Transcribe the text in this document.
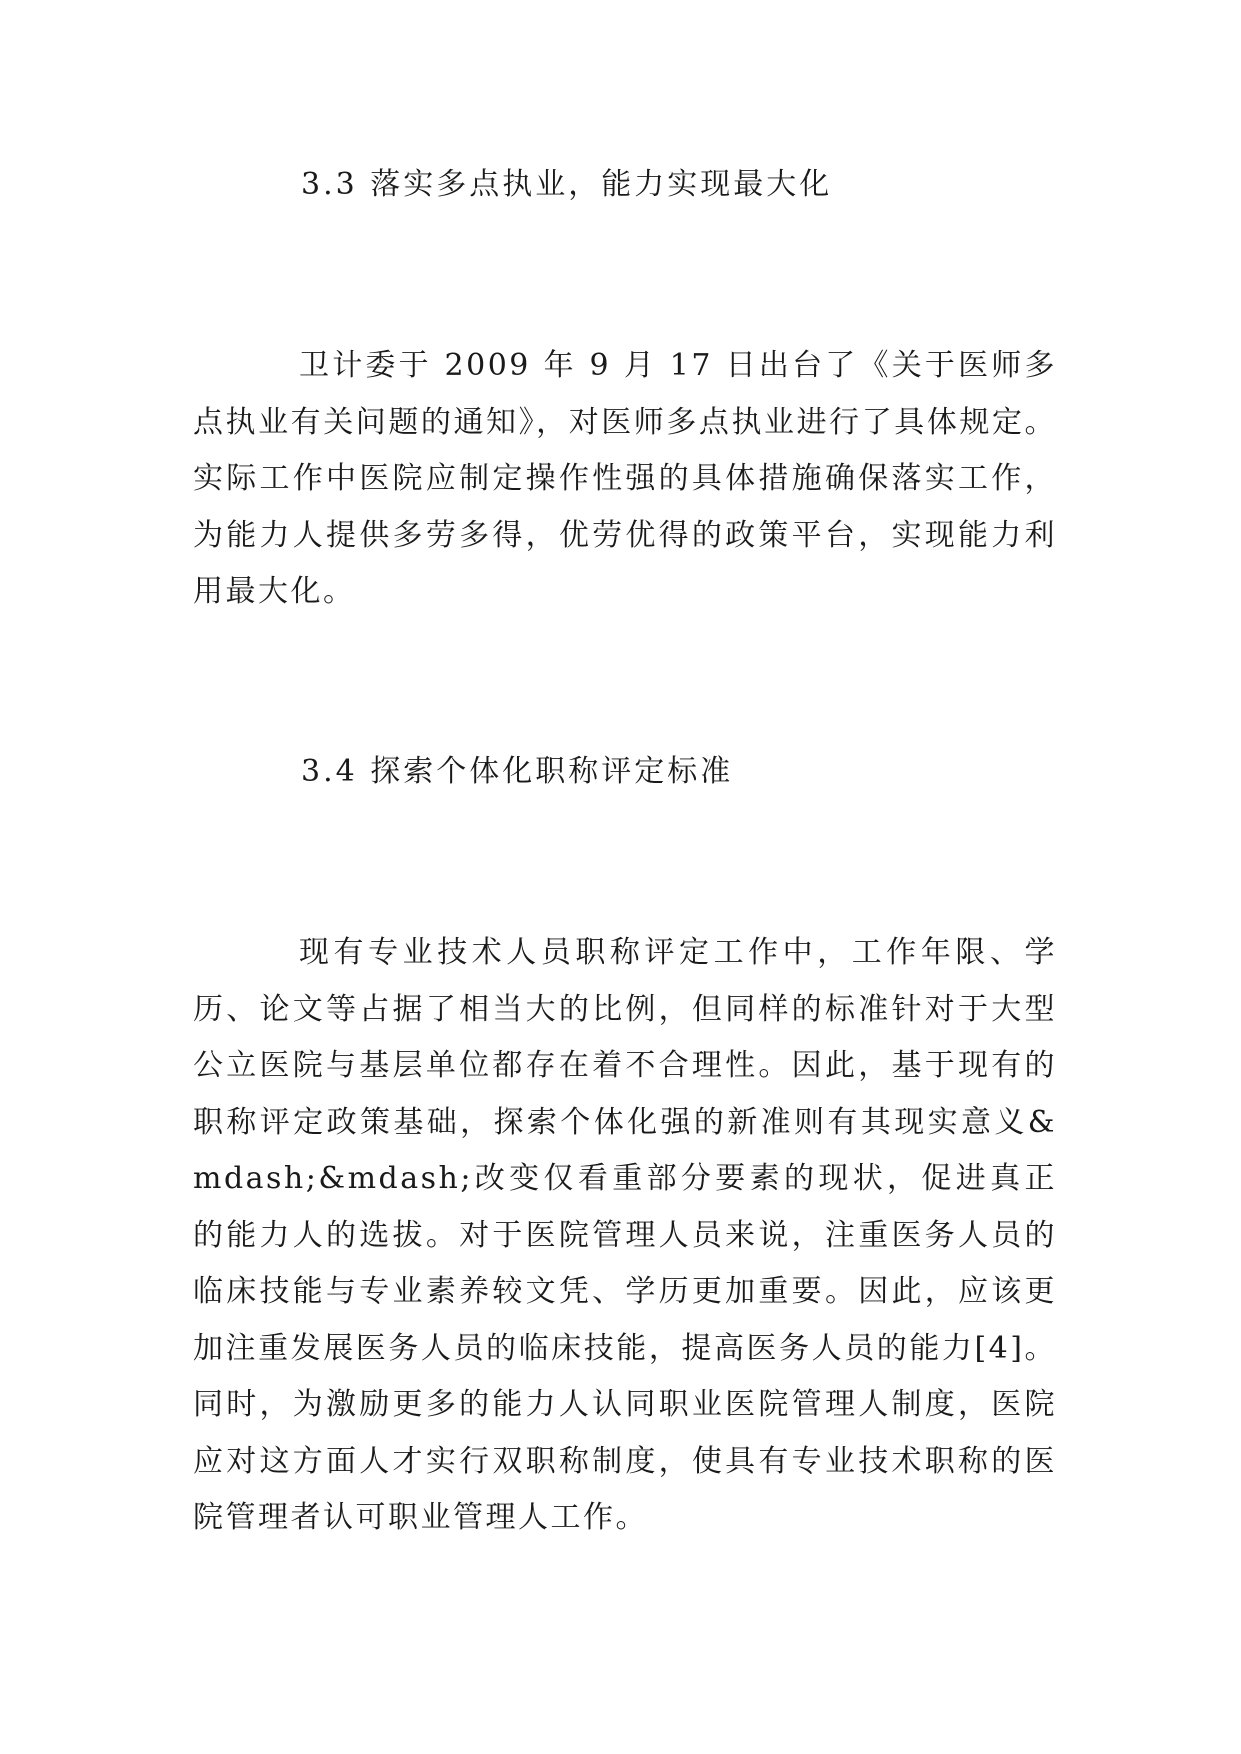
3.3 落实多点执业，能力实现最大化

卫计委于 2009 年 9 月 17 日出台了《关于医师多点执业有关问题的通知》，对医师多点执业进行了具体规定。实际工作中医院应制定操作性强的具体措施确保落实工作，为能力人提供多劳多得，优劳优得的政策平台，实现能力利用最大化。

3.4 探索个体化职称评定标准

现有专业技术人员职称评定工作中，工作年限、学历、论文等占据了相当大的比例，但同样的标准针对于大型公立医院与基层单位都存在着不合理性。因此，基于现有的职称评定政策基础，探索个体化强的新准则有其现实意义&mdash;&mdash;改变仅看重部分要素的现状，促进真正的能力人的选拔。对于医院管理人员来说，注重医务人员的临床技能与专业素养较文凭、学历更加重要。因此，应该更加注重发展医务人员的临床技能，提高医务人员的能力[4]。同时，为激励更多的能力人认同职业医院管理人制度，医院应对这方面人才实行双职称制度，使具有专业技术职称的医院管理者认可职业管理人工作。
